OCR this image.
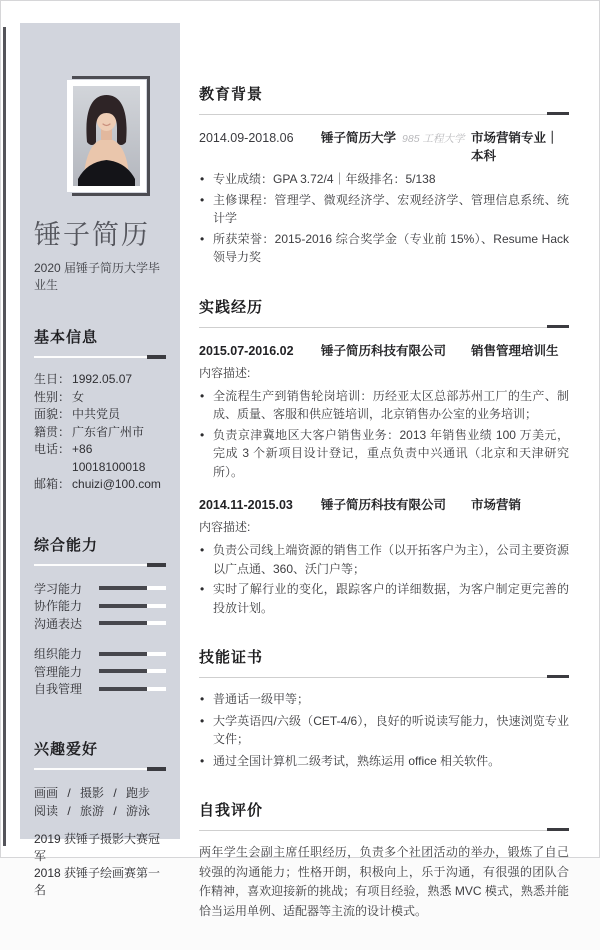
锤子简历
2020 届锤子简历大学毕业生
基本信息
生日： 1992.05.07
性别： 女
面貌： 中共党员
籍贯： 广东省广州市
电话： +86 10018100018
邮箱： chuizi@100.com
综合能力
学习能力
协作能力
沟通表达
组织能力
管理能力
自我管理
兴趣爱好
画画 / 摄影 / 跑步
阅读 / 旅游 / 游泳
2019 获锤子摄影大赛冠军
2018 获锤子绘画赛第一名
教育背景
2014.09-2018.06	锤子简历大学 985 工程大学 市场营销专业｜本科
• 专业成绩：GPA 3.72/4｜年级排名：5/138
• 主修课程：管理学、微观经济学、宏观经济学、管理信息系统、统计学
• 所获荣誉：2015-2016 综合奖学金（专业前 15%）、Resume Hack 领导力奖
实践经历
2015.07-2016.02	锤子简历科技有限公司	销售管理培训生
内容描述:
• 全流程生产到销售轮岗培训：历经亚太区总部苏州工厂的生产、制成、质量、客服和供应链培训，北京销售办公室的业务培训；
• 负责京津冀地区大客户销售业务：2013 年销售业绩 100 万美元，完成 3 个新项目设计登记，重点负责中兴通讯（北京和天津研究所）。
2014.11-2015.03	锤子简历科技有限公司	市场营销
内容描述:
• 负责公司线上端资源的销售工作（以开拓客户为主），公司主要资源以广点通、360、沃门户等；
• 实时了解行业的变化，跟踪客户的详细数据，为客户制定更完善的投放计划。
技能证书
• 普通话一级甲等；
• 大学英语四/六级（CET-4/6），良好的听说读写能力，快速浏览专业文件；
• 通过全国计算机二级考试，熟练运用 office 相关软件。
自我评价

两年学生会副主席任职经历，负责多个社团活动的举办，锻炼了自己较强的沟通能力；性格开朗，积极向上，乐于沟通，有很强的团队合作精神，喜欢迎接新的挑战；有项目经验，熟悉 MVC 模式，熟悉并能恰当运用单例、适配器等主流的设计模式。
